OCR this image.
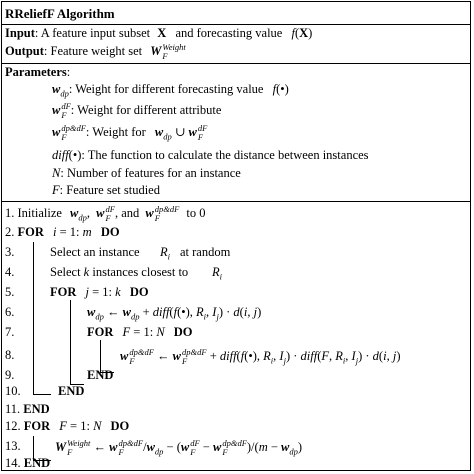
RReliefF Algorithm
Input: A feature input subset X and forecasting value f(X)
Output: Feature weight set W Weight
F
Parameters:
$w_{dp}$: Weight for different forecasting value f(•)
w dF
F : Weight for different attribute
w dp&dF
F	: Weight for $w_{dp}$ ∪ w dF
F
diff(•): The function to calculate the distance between instances
N: Number of features for an instance
F: Feature set studied
1. Initialize $w_{dp}$, w dF
F , and w dp&dF
F	to 0
2. FOR i = 1: m DO
3.	Select an instance $R_i$ at random
4.	Select k instances closest to $R_i$
5.	FOR j = 1: k DO
6.	$w_{dp}$ ← $w_{dp}$ + diff(f(•), $R_i$, $I_j) \cdot d(i$, j)
7.	FOR F = 1: N DO
8.	w dp&dF
F	← w dp&dF
F	+ diff(f(•), $R_i$, $I_j$) · diff(F, $R_i$, $I_j) \cdot d(i$, j)
9.	END
10.	END
11. END
12. FOR F = 1: N DO
13.	W Weight
F	← w dp&dF
F	$/w_{dp} - (w$ dF
F − w dp&dF
F	)$/(m - w_{dp})$
14. END
